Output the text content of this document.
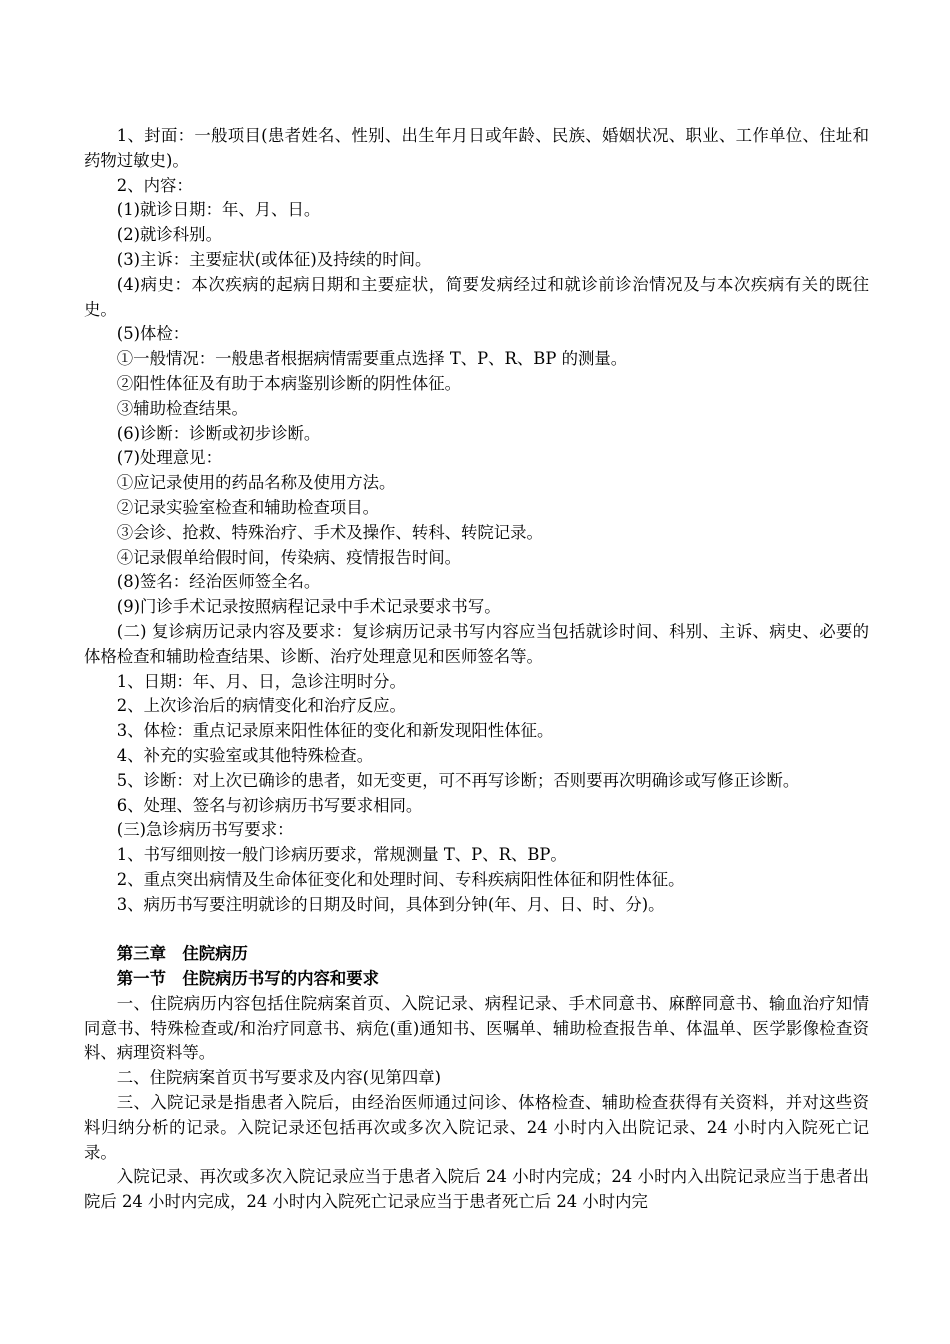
1、封面：一般项目(患者姓名、性别、出生年月日或年龄、民族、婚姻状况、职业、工作单位、住址和药物过敏史)。

2、内容：

(1)就诊日期：年、月、日。

(2)就诊科别。

(3)主诉：主要症状(或体征)及持续的时间。

(4)病史：本次疾病的起病日期和主要症状，简要发病经过和就诊前诊治情况及与本次疾病有关的既往史。

(5)体检：

①一般情况：一般患者根据病情需要重点选择 T、P、R、BP 的测量。

②阳性体征及有助于本病鉴别诊断的阴性体征。

③辅助检查结果。

(6)诊断：诊断或初步诊断。

(7)处理意见：

①应记录使用的药品名称及使用方法。

②记录实验室检查和辅助检查项目。

③会诊、抢救、特殊治疗、手术及操作、转科、转院记录。

④记录假单给假时间，传染病、疫情报告时间。

(8)签名：经治医师签全名。

(9)门诊手术记录按照病程记录中手术记录要求书写。

(二) 复诊病历记录内容及要求：复诊病历记录书写内容应当包括就诊时间、科别、主诉、病史、必要的体格检查和辅助检查结果、诊断、治疗处理意见和医师签名等。

1、日期：年、月、日，急诊注明时分。

2、上次诊治后的病情变化和治疗反应。

3、体检：重点记录原来阳性体征的变化和新发现阳性体征。

4、补充的实验室或其他特殊检查。

5、诊断：对上次已确诊的患者，如无变更，可不再写诊断；否则要再次明确诊或写修正诊断。

6、处理、签名与初诊病历书写要求相同。

(三)急诊病历书写要求：

1、书写细则按一般门诊病历要求，常规测量 T、P、R、BP。

2、重点突出病情及生命体征变化和处理时间、专科疾病阳性体征和阴性体征。

3、病历书写要注明就诊的日期及时间，具体到分钟(年、月、日、时、分)。

第三章　住院病历

第一节　住院病历书写的内容和要求

一、住院病历内容包括住院病案首页、入院记录、病程记录、手术同意书、麻醉同意书、输血治疗知情同意书、特殊检查或/和治疗同意书、病危(重)通知书、医嘱单、辅助检查报告单、体温单、医学影像检查资料、病理资料等。

二、住院病案首页书写要求及内容(见第四章)

三、入院记录是指患者入院后，由经治医师通过问诊、体格检查、辅助检查获得有关资料，并对这些资料归纳分析的记录。入院记录还包括再次或多次入院记录、24 小时内入出院记录、24 小时内入院死亡记录。

入院记录、再次或多次入院记录应当于患者入院后 24 小时内完成；24 小时内入出院记录应当于患者出院后 24 小时内完成，24 小时内入院死亡记录应当于患者死亡后 24 小时内完
